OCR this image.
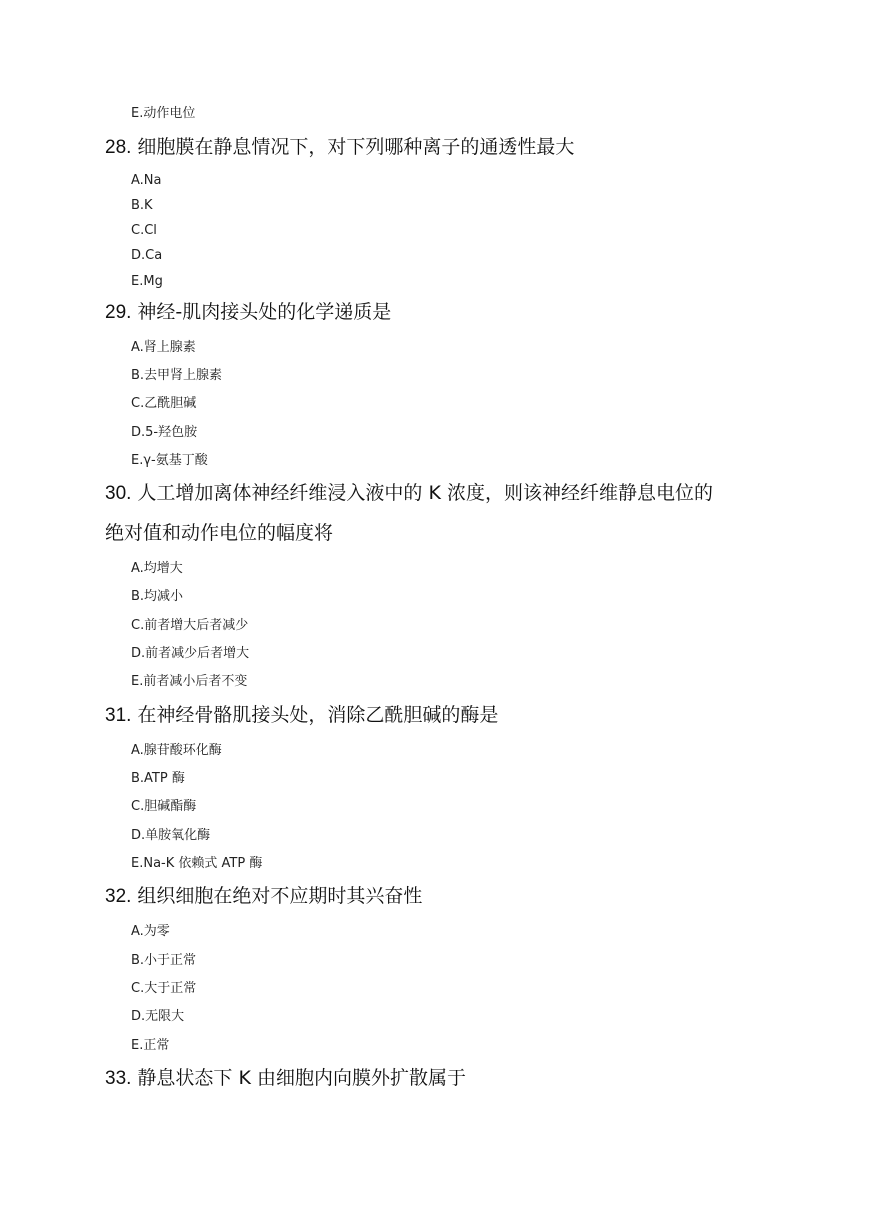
E.动作电位
28. 细胞膜在静息情况下，对下列哪种离子的通透性最大
A.Na
B.K
C.Cl
D.Ca
E.Mg
29. 神经-肌肉接头处的化学递质是
A.肾上腺素
B.去甲肾上腺素
C.乙酰胆碱
D.5-羟色胺
E.γ-氨基丁酸
30. 人工增加离体神经纤维浸入液中的 K 浓度，则该神经纤维静息电位的
绝对值和动作电位的幅度将
A.均增大
B.均减小
C.前者增大后者减少
D.前者减少后者增大
E.前者减小后者不变
31. 在神经骨骼肌接头处，消除乙酰胆碱的酶是
A.腺苷酸环化酶
B.ATP 酶
C.胆碱酯酶
D.单胺氧化酶
E.Na-K 依赖式 ATP 酶
32. 组织细胞在绝对不应期时其兴奋性
A.为零
B.小于正常
C.大于正常
D.无限大
E.正常
33. 静息状态下 K 由细胞内向膜外扩散属于
